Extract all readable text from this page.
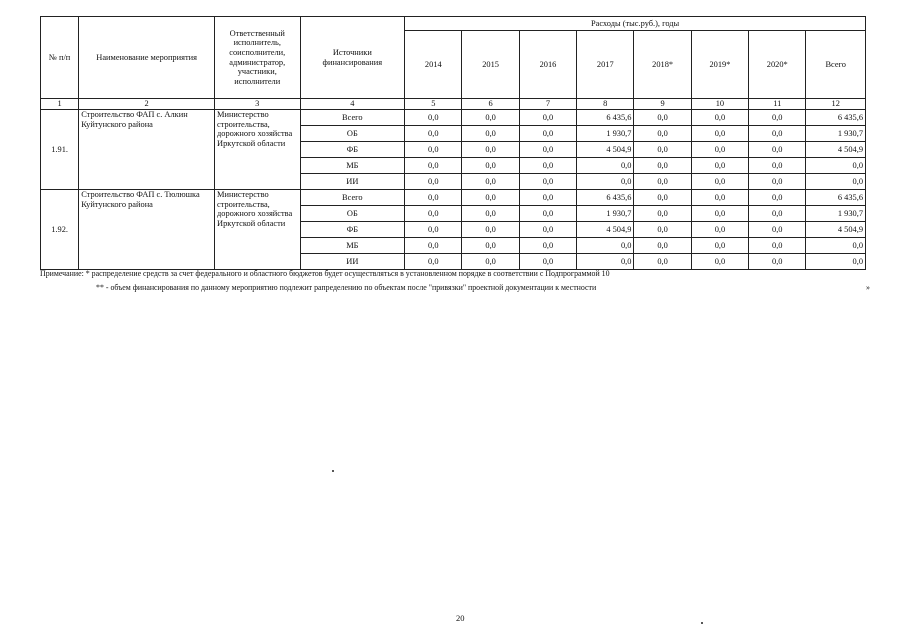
№ п/п	Наименование мероприятия	Ответственный исполнитель, соисполнители, администратор, участники, исполнители	Источники финансирования	Расходы (тыс.руб.), годы							
				2014	2015	2016	2017	2018*	2019*	2020*	Всего
1	2	3	4	5	6	7	8	9	10	11	12
1.91.	Строительство ФАП с. Алкин Куйтунского района	Министерство строительства, дорожного хозяйства Иркутской области	Всего	0,0	0,0	0,0	6 435,6	0,0	0,0	0,0	6 435,6
			ОБ	0,0	0,0	0,0	1 930,7	0,0	0,0	0,0	1 930,7
			ФБ	0,0	0,0	0,0	4 504,9	0,0	0,0	0,0	4 504,9
			МБ	0,0	0,0	0,0	0,0	0,0	0,0	0,0	0,0
			ИИ	0,0	0,0	0,0	0,0	0,0	0,0	0,0	0,0
1.92.	Строительство ФАП с. Тюлюшка Куйтунского района	Министерство строительства, дорожного хозяйства Иркутской области	Всего	0,0	0,0	0,0	6 435,6	0,0	0,0	0,0	6 435,6
			ОБ	0,0	0,0	0,0	1 930,7	0,0	0,0	0,0	1 930,7
			ФБ	0,0	0,0	0,0	4 504,9	0,0	0,0	0,0	4 504,9
			МБ	0,0	0,0	0,0	0,0	0,0	0,0	0,0	0,0
			ИИ	0,0	0,0	0,0	0,0	0,0	0,0	0,0	0,0
Примечание: * распределение средств за счет федерального и областного бюджетов будет осуществляться в установленном порядке в соответствии с Подпрограммой 10
** - объем финансирования по данному мероприятию подлежит рапределению по объектам после "привязки" проектной документации к местности	»
20
